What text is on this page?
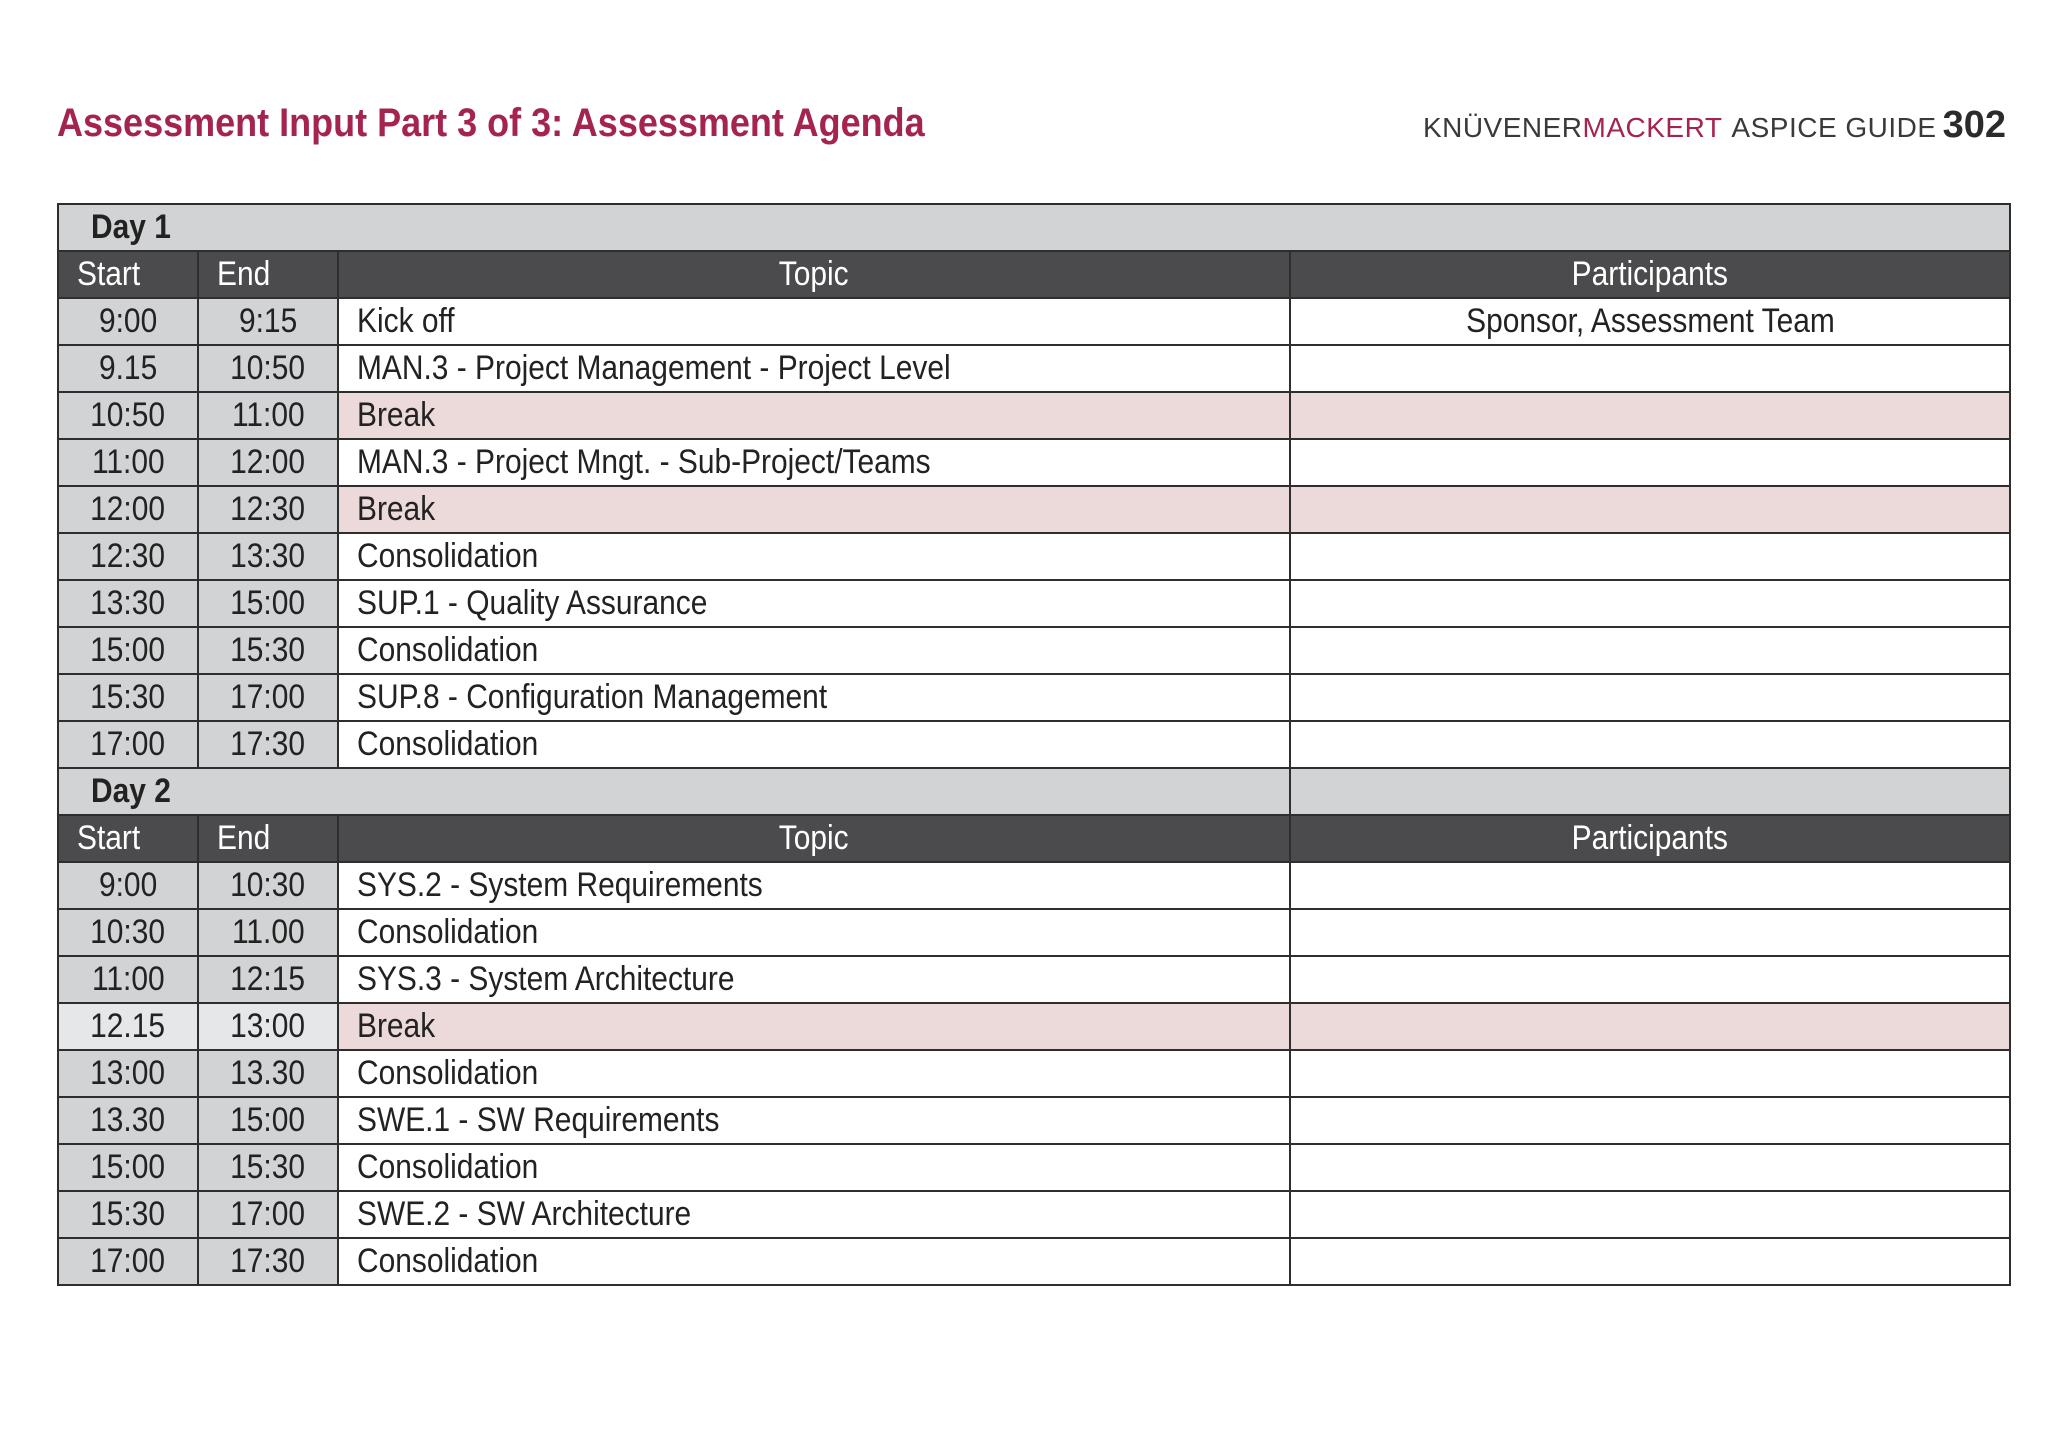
Assessment Input Part 3 of 3: Assessment Agenda	KNÜVENER MACKERT ASPICE GUIDE 302
Day 1			
Start	End	Topic	Participants
9:00	9:15	Kick off	Sponsor, Assessment Team
9.15	10:50	MAN.3 - Project Management - Project Level	
10:50	11:00	Break	
11:00	12:00	MAN.3 - Project Mngt. - Sub-Project/Teams	
12:00	12:30	Break	
12:30	13:30	Consolidation	
13:30	15:00	SUP.1 - Quality Assurance	
15:00	15:30	Consolidation	
15:30	17:00	SUP.8 - Configuration Management	
17:00	17:30	Consolidation	
Day 2			
Start	End	Topic	Participants
9:00	10:30	SYS.2 - System Requirements	
10:30	11.00	Consolidation	
11:00	12:15	SYS.3 - System Architecture	
12.15	13:00	Break	
13:00	13.30	Consolidation	
13.30	15:00	SWE.1 - SW Requirements	
15:00	15:30	Consolidation	
15:30	17:00	SWE.2 - SW Architecture	
17:00	17:30	Consolidation	
